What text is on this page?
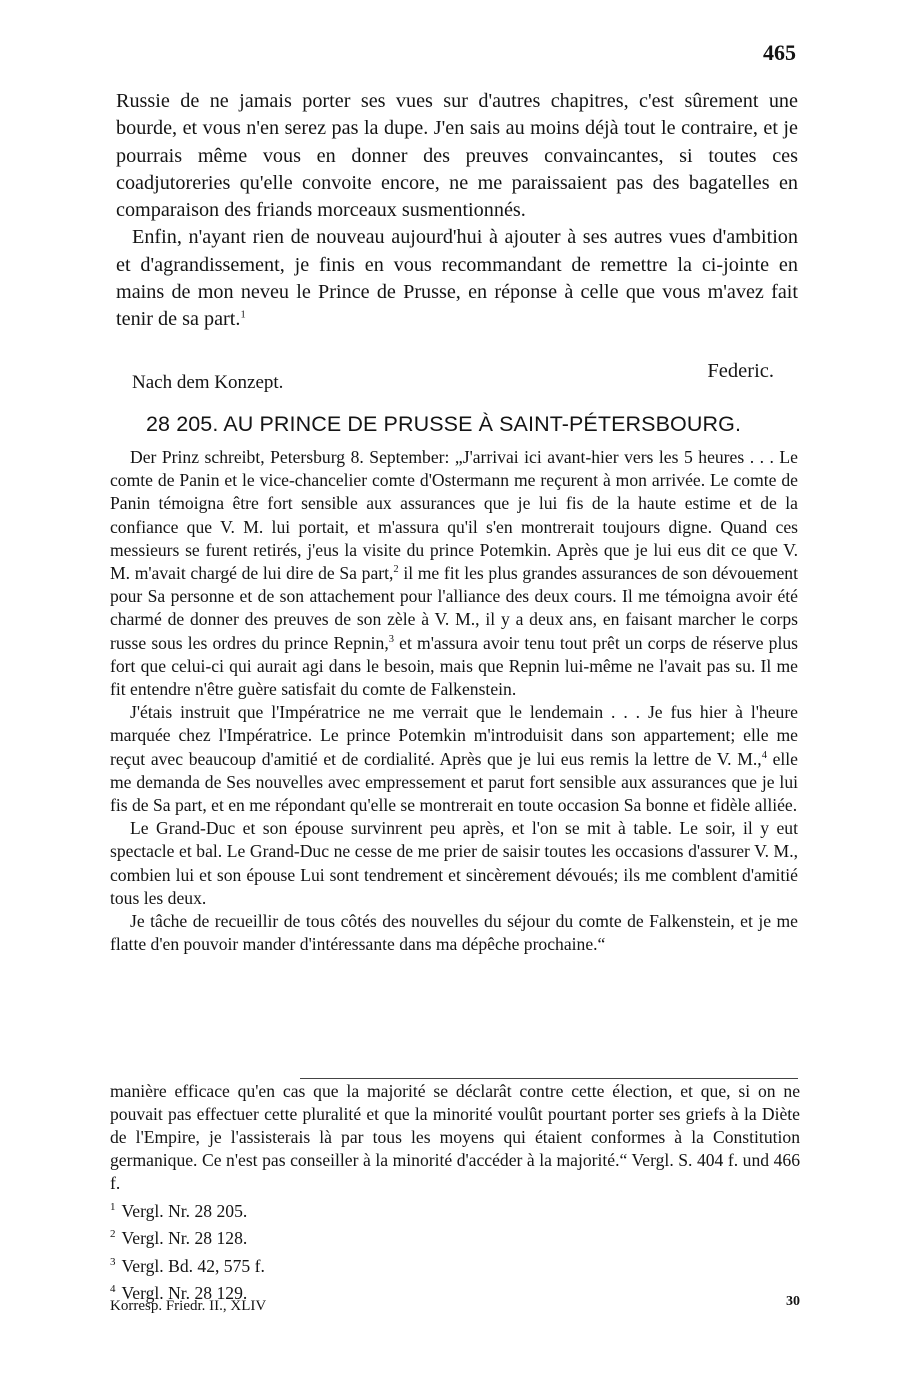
465

Russie de ne jamais porter ses vues sur d'autres chapitres, c'est sûrement une bourde, et vous n'en serez pas la dupe. J'en sais au moins déjà tout le contraire, et je pourrais même vous en donner des preuves convaincantes, si toutes ces coadjutoreries qu'elle convoite encore, ne me paraissaient pas des bagatelles en comparaison des friands morceaux susmentionnés.

Enfin, n'ayant rien de nouveau aujourd'hui à ajouter à ses autres vues d'ambition et d'agrandissement, je finis en vous recommandant de remettre la ci-jointe en mains de mon neveu le Prince de Prusse, en réponse à celle que vous m'avez fait tenir de sa part.$^1$

Nach dem Konzept.
Federic.
28 205. AU PRINCE DE PRUSSE À SAINT-PÉTERSBOURG.

Der Prinz schreibt, Petersburg 8. September: „J'arrivai ici avant-hier vers les 5 heures . . . Le comte de Panin et le vice-chancelier comte d'Ostermann me reçurent à mon arrivée. Le comte de Panin témoigna être fort sensible aux assurances que je lui fis de la haute estime et de la confiance que V. M. lui portait, et m'assura qu'il s'en montrerait toujours digne. Quand ces messieurs se furent retirés, j'eus la visite du prince Potemkin. Après que je lui eus dit ce que V. M. m'avait chargé de lui dire de Sa part,$^2$ il me fit les plus grandes assurances de son dévouement pour Sa personne et de son attachement pour l'alliance des deux cours. Il me témoigna avoir été charmé de donner des preuves de son zèle à V. M., il y a deux ans, en faisant marcher le corps russe sous les ordres du prince Repnin,$^3$ et m'assura avoir tenu tout prêt un corps de réserve plus fort que celui-ci qui aurait agi dans le besoin, mais que Repnin lui-même ne l'avait pas su. Il me fit entendre n'être guère satisfait du comte de Falkenstein.

J'étais instruit que l'Impératrice ne me verrait que le lendemain . . . Je fus hier à l'heure marquée chez l'Impératrice. Le prince Potemkin m'introduisit dans son appartement; elle me reçut avec beaucoup d'amitié et de cordialité. Après que je lui eus remis la lettre de V. M.,$^4$ elle me demanda de Ses nouvelles avec empressement et parut fort sensible aux assurances que je lui fis de Sa part, et en me répondant qu'elle se montrerait en toute occasion Sa bonne et fidèle alliée.

Le Grand-Duc et son épouse survinrent peu après, et l'on se mit à table. Le soir, il y eut spectacle et bal. Le Grand-Duc ne cesse de me prier de saisir toutes les occasions d'assurer V. M., combien lui et son épouse Lui sont tendrement et sincèrement dévoués; ils me comblent d'amitié tous les deux.

Je tâche de recueillir de tous côtés des nouvelles du séjour du comte de Falkenstein, et je me flatte d'en pouvoir mander d'intéressante dans ma dépêche prochaine.“

manière efficace qu'en cas que la majorité se déclarât contre cette élection, et que, si on ne pouvait pas effectuer cette pluralité et que la minorité voulût pourtant porter ses griefs à la Diète de l'Empire, je l'assisterais là par tous les moyens qui étaient conformes à la Constitution germanique. Ce n'est pas conseiller à la minorité d'accéder à la majorité.“ Vergl. S. 404 f. und 466 f.
$^1$ Vergl. Nr. 28 205.
$^2$ Vergl. Nr. 28 128.
$^3$ Vergl. Bd. 42, 575 f.
$^4$ Vergl. Nr. 28 129.
Korresp. Friedr. II., XLIV	30
